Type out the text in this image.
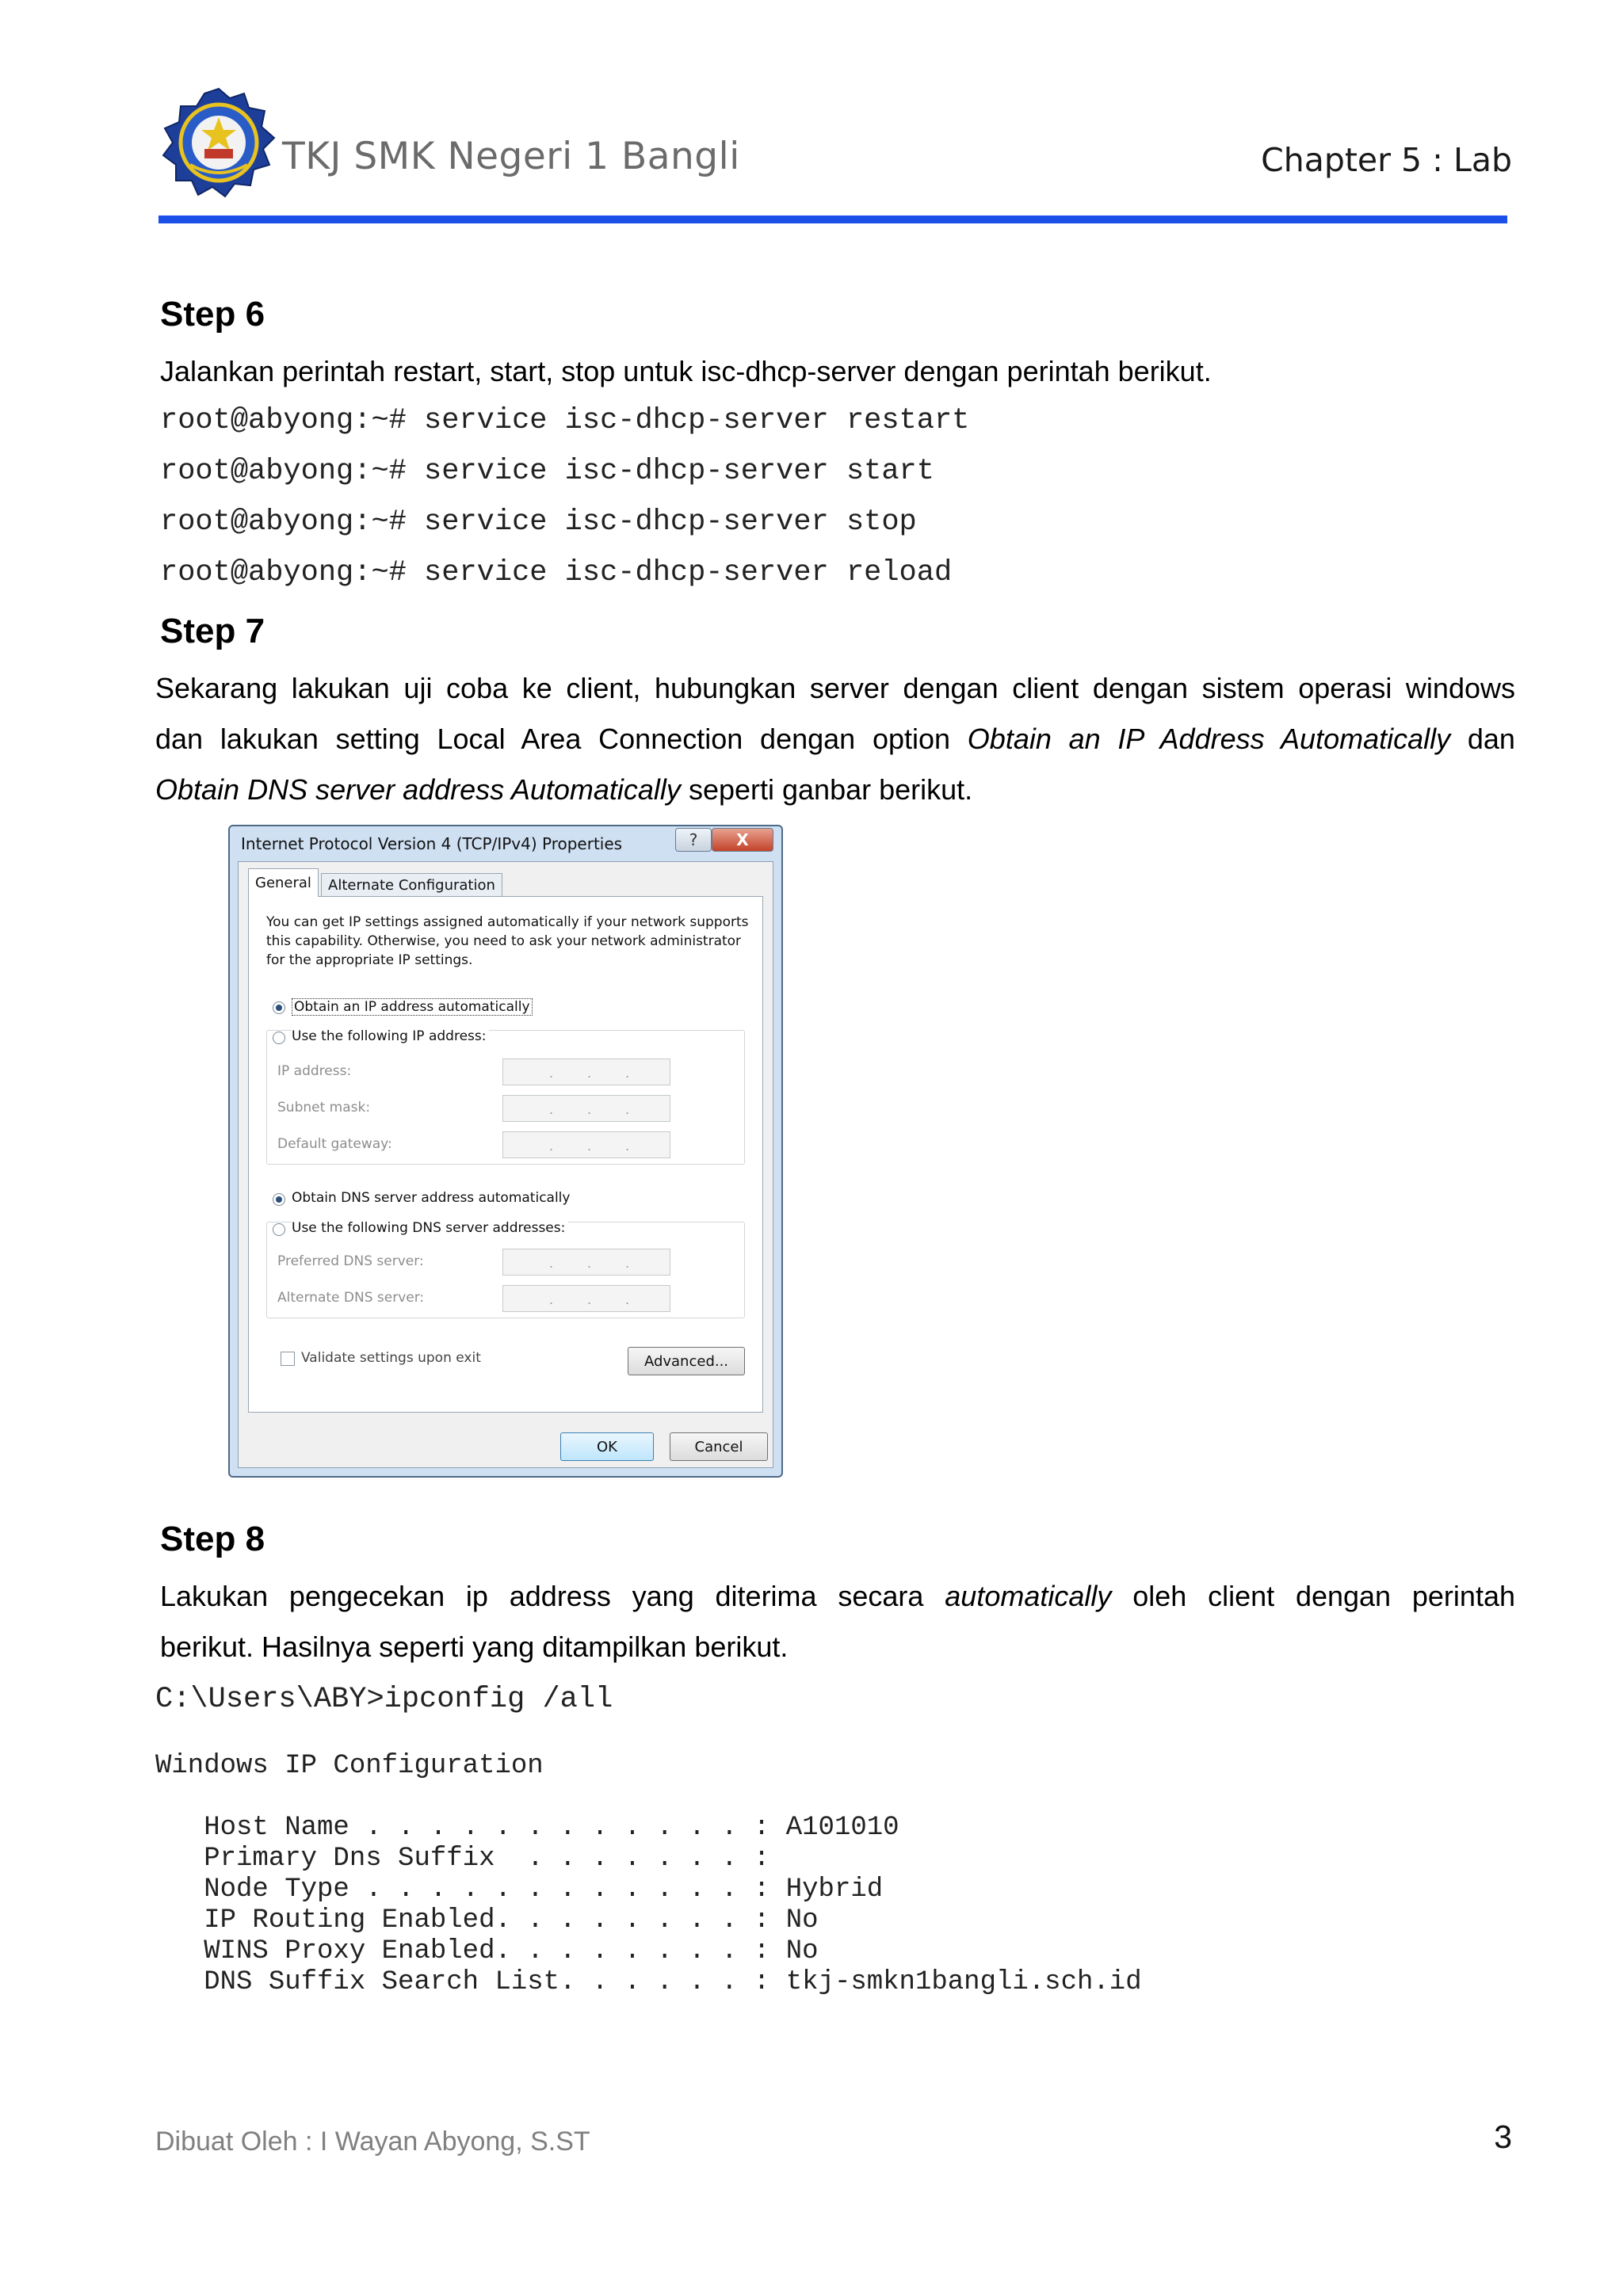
TKJ SMK Negeri 1 Bangli	Chapter 5 : Lab
Step 6
Jalankan perintah restart, start, stop untuk isc-dhcp-server dengan perintah berikut.
root@abyong:~# service isc-dhcp-server restart
root@abyong:~# service isc-dhcp-server start
root@abyong:~# service isc-dhcp-server stop
root@abyong:~# service isc-dhcp-server reload
Step 7
Sekarang lakukan uji coba ke client, hubungkan server dengan client dengan sistem operasi windows
dan lakukan setting Local Area Connection dengan option Obtain an IP Address Automatically dan
Obtain DNS server address Automatically seperti ganbar berikut.
Internet Protocol Version 4 (TCP/IPv4) Properties	?	X
General	Alternate Configuration
You can get IP settings assigned automatically if your network supports
this capability. Otherwise, you need to ask your network administrator
for the appropriate IP settings.
Obtain an IP address automatically
Use the following IP address:
IP address:	.	.	.
Subnet mask:	.	.	.
Default gateway:	.	.	.
Obtain DNS server address automatically
Use the following DNS server addresses:
Preferred DNS server:	.	.	.
Alternate DNS server:	.	.	.
Validate settings upon exit	Advanced...
OK	Cancel
Step 8
Lakukan pengecekan ip address yang diterima secara automatically oleh client dengan perintah
berikut. Hasilnya seperti yang ditampilkan berikut.
C:\Users\ABY>ipconfig /all
Windows IP Configuration
Host Name . . . . . . . . . . . . : A101010
Primary Dns Suffix  . . . . . . . :
Node Type . . . . . . . . . . . . : Hybrid
IP Routing Enabled. . . . . . . . : No
WINS Proxy Enabled. . . . . . . . : No
DNS Suffix Search List. . . . . . : tkj-smkn1bangli.sch.id
Dibuat Oleh : I Wayan Abyong, S.ST	3
